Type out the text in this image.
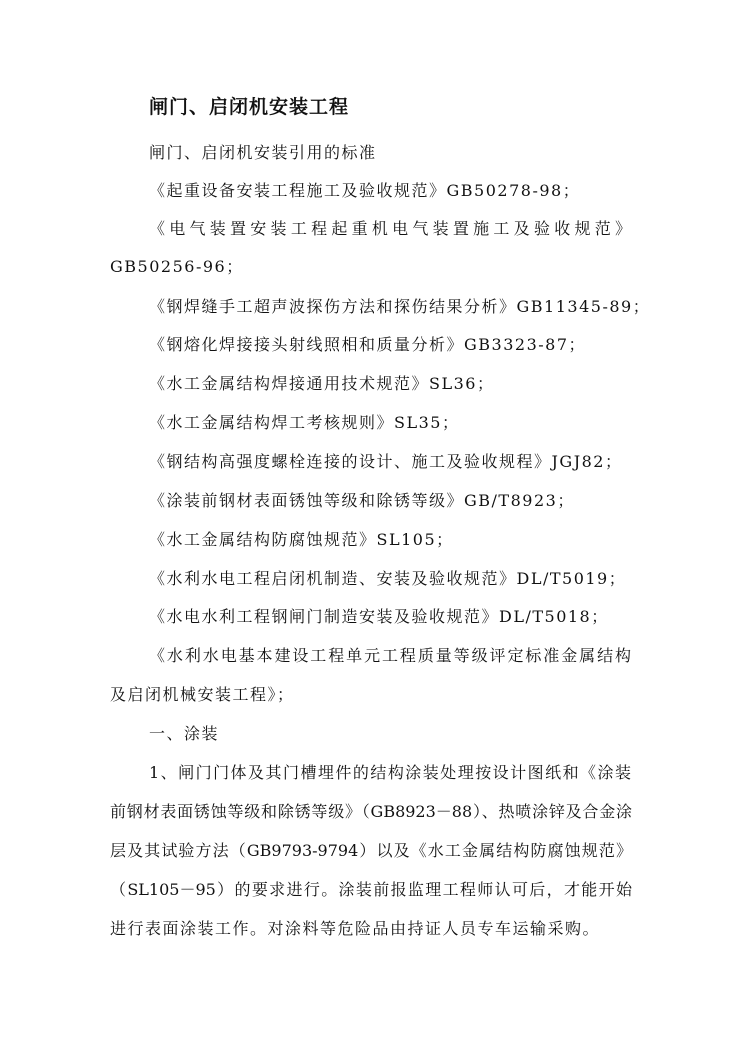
闸门、启闭机安装工程
闸门、启闭机安装引用的标准
《起重设备安装工程施工及验收规范》GB50278-98；
《电气装置安装工程起重机电气装置施工及验收规范》
GB50256-96；
《钢焊缝手工超声波探伤方法和探伤结果分析》GB11345-89；
《钢熔化焊接接头射线照相和质量分析》GB3323-87；
《水工金属结构焊接通用技术规范》SL36；
《水工金属结构焊工考核规则》SL35；
《钢结构高强度螺栓连接的设计、施工及验收规程》JGJ82；
《涂装前钢材表面锈蚀等级和除锈等级》GB/T8923；
《水工金属结构防腐蚀规范》SL105；
《水利水电工程启闭机制造、安装及验收规范》DL/T5019；
《水电水利工程钢闸门制造安装及验收规范》DL/T5018；
《水利水电基本建设工程单元工程质量等级评定标准金属结构
及启闭机械安装工程》；
一、涂装
1、闸门门体及其门槽埋件的结构涂装处理按设计图纸和《涂装
前钢材表面锈蚀等级和除锈等级》（GB8923－88）、热喷涂锌及合金涂
层及其试验方法（GB9793-9794）以及《水工金属结构防腐蚀规范》
（SL105－95）的要求进行。涂装前报监理工程师认可后，才能开始
进行表面涂装工作。对涂料等危险品由持证人员专车运输采购。
